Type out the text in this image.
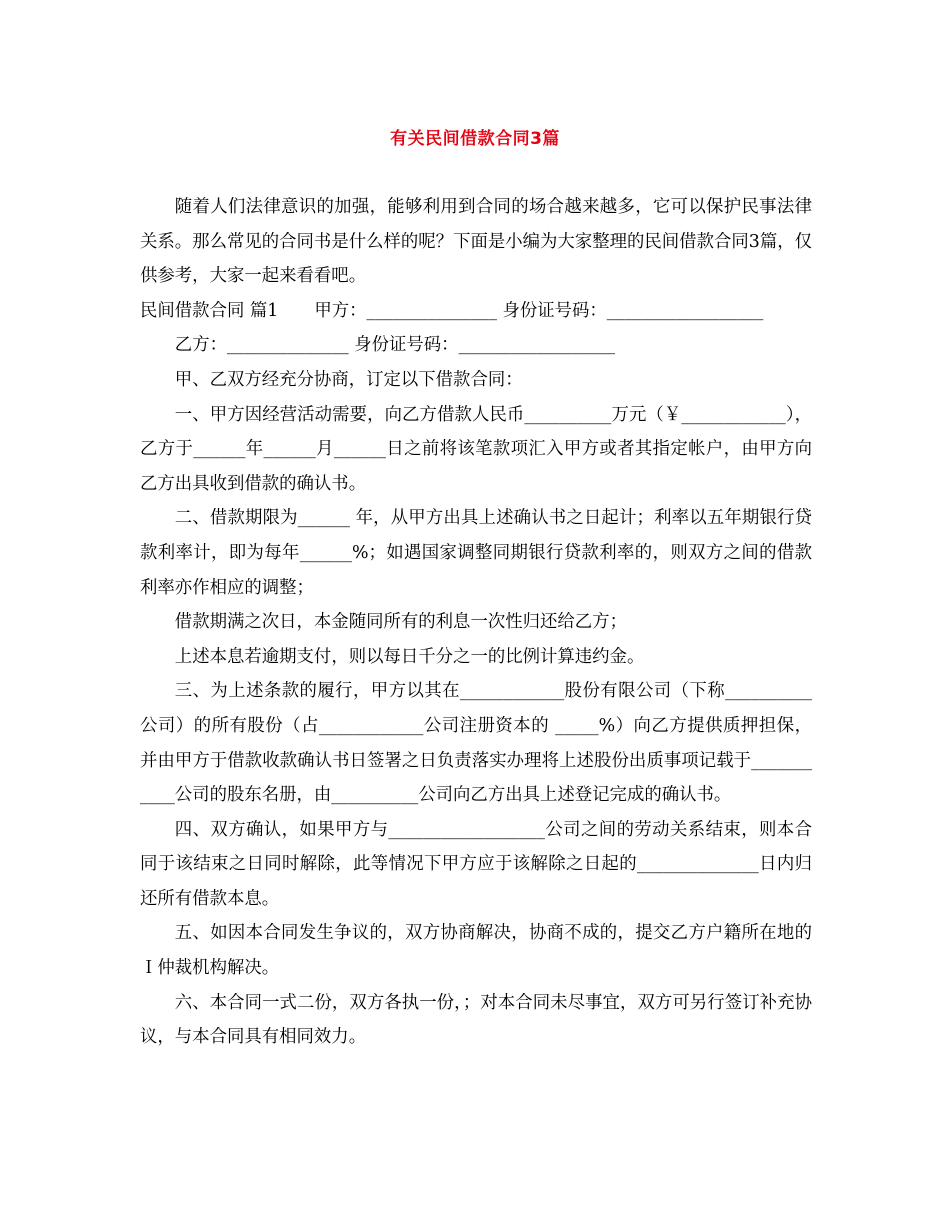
有关民间借款合同3篇

随着人们法律意识的加强，能够利用到合同的场合越来越多，它可以保护民事法律关系。那么常见的合同书是什么样的呢？下面是小编为大家整理的民间借款合同3篇，仅供参考，大家一起来看看吧。

民间借款合同 篇1 甲方：_______________ 身份证号码：__________________

乙方：______________ 身份证号码：__________________

甲、乙双方经充分协商，订定以下借款合同：

一、甲方因经营活动需要，向乙方借款人民币__________万元（￥____________），乙方于______年______月______日之前将该笔款项汇入甲方或者其指定帐户，由甲方向乙方出具收到借款的确认书。

二、借款期限为______ 年，从甲方出具上述确认书之日起计；利率以五年期银行贷款利率计，即为每年______%；如遇国家调整同期银行贷款利率的，则双方之间的借款利率亦作相应的调整；

借款期满之次日，本金随同所有的利息一次性归还给乙方；

上述本息若逾期支付，则以每日千分之一的比例计算违约金。

三、为上述条款的履行，甲方以其在____________股份有限公司（下称__________公司）的所有股份（占____________公司注册资本的 _____%）向乙方提供质押担保，并由甲方于借款收款确认书日签署之日负责落实办理将上述股份出质事项记载于___________公司的股东名册，由__________公司向乙方出具上述登记完成的确认书。

四、双方确认，如果甲方与__________________公司之间的劳动关系结束，则本合同于该结束之日同时解除，此等情况下甲方应于该解除之日起的______________日内归还所有借款本息。

五、如因本合同发生争议的，双方协商解决，协商不成的，提交乙方户籍所在地的Ｉ仲裁机构解决。

六、本合同一式二份，双方各执一份，；对本合同未尽事宜，双方可另行签订补充协议，与本合同具有相同效力。
